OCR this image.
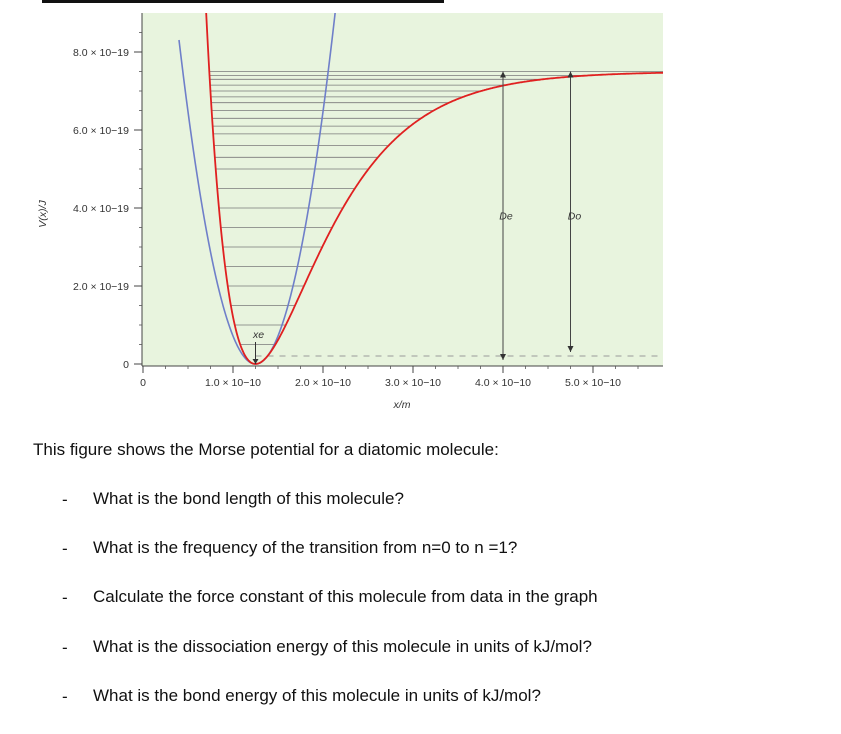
0
2.0 × 10−19
4.0 × 10−19
6.0 × 10−19
8.0 × 10−19
0	1.0 × 10−10	2.0 × 10−10	3.0 × 10−10	4.0 × 10−10	5.0 × 10−10
xe
De	Do
V(x)/J
x/m
This figure shows the Morse potential for a diatomic molecule:
-	What is the bond length of this molecule?
-	What is the frequency of the transition from n=0 to n =1?
-	Calculate the force constant of this molecule from data in the graph
-	What is the dissociation energy of this molecule in units of kJ/mol?
-	What is the bond energy of this molecule in units of kJ/mol?
